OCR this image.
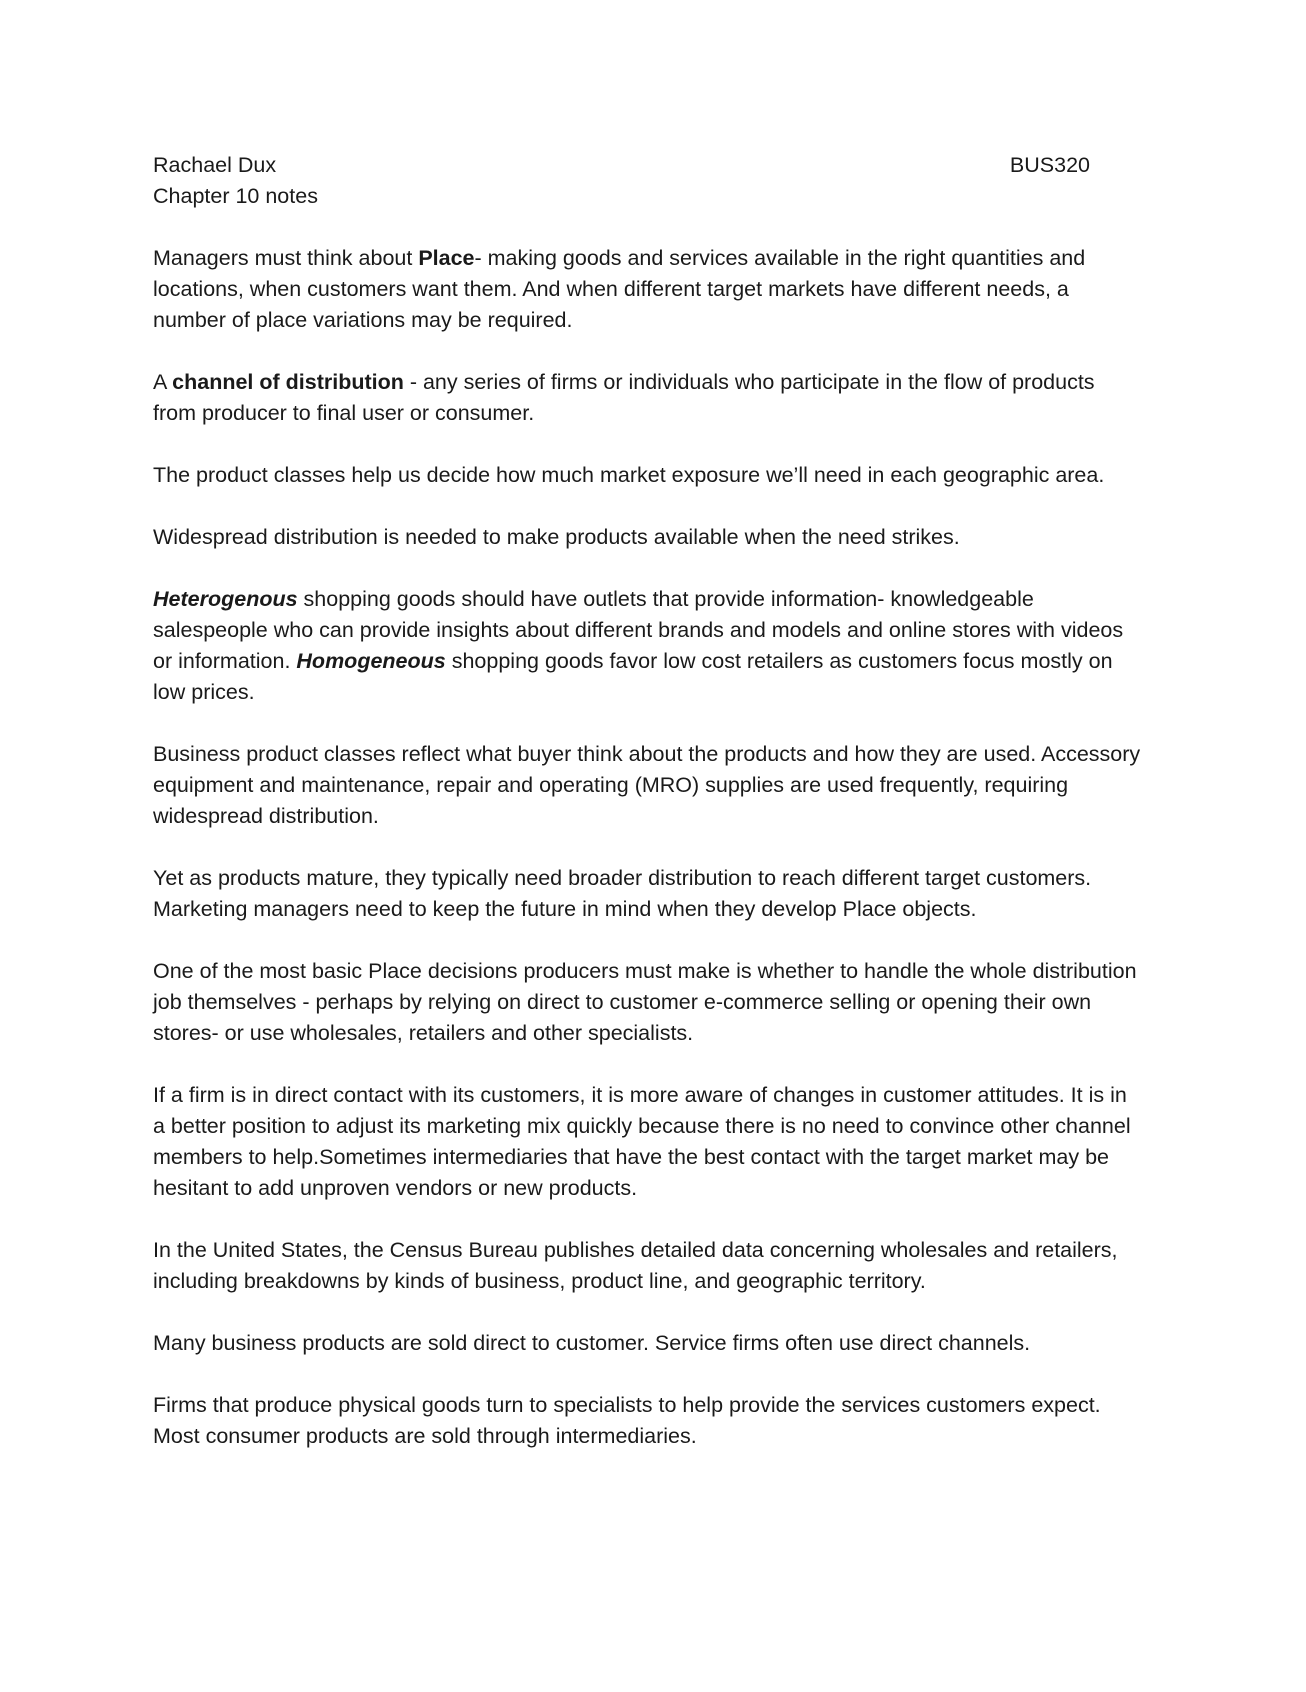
Rachael Dux	BUS320
Chapter 10 notes

Managers must think about Place- making goods and services available in the right quantities and locations, when customers want them. And when different target markets have different needs, a number of place variations may be required.

A channel of distribution - any series of firms or individuals who participate in the flow of products from producer to final user or consumer.

The product classes help us decide how much market exposure we’ll need in each geographic area.

Widespread distribution is needed to make products available when the need strikes.

Heterogenous shopping goods should have outlets that provide information- knowledgeable salespeople who can provide insights about different brands and models and online stores with videos or information. Homogeneous shopping goods favor low cost retailers as customers focus mostly on low prices.

Business product classes reflect what buyer think about the products and how they are used. Accessory equipment and maintenance, repair and operating (MRO) supplies are used frequently, requiring widespread distribution.

Yet as products mature, they typically need broader distribution to reach different target customers. Marketing managers need to keep the future in mind when they develop Place objects.

One of the most basic Place decisions producers must make is whether to handle the whole distribution job themselves - perhaps by relying on direct to customer e-commerce selling or opening their own stores- or use wholesales, retailers and other specialists.

If a firm is in direct contact with its customers, it is more aware of changes in customer attitudes. It is in a better position to adjust its marketing mix quickly because there is no need to convince other channel members to help.Sometimes intermediaries that have the best contact with the target market may be hesitant to add unproven vendors or new products.

In the United States, the Census Bureau publishes detailed data concerning wholesales and retailers, including breakdowns by kinds of business, product line, and geographic territory.

Many business products are sold direct to customer. Service firms often use direct channels.

Firms that produce physical goods turn to specialists to help provide the services customers expect. Most consumer products are sold through intermediaries.
